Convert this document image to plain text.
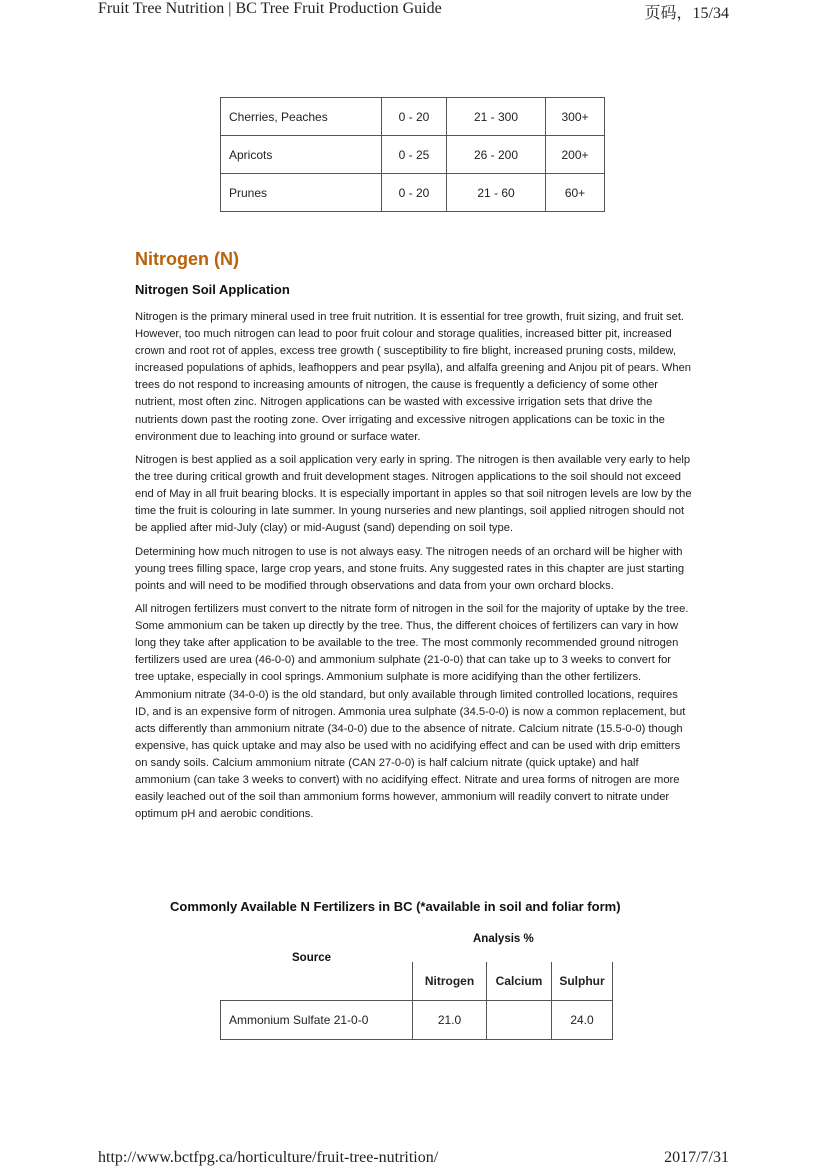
Fruit Tree Nutrition | BC Tree Fruit Production Guide	页码，15/34
Cherries, Peaches	0 - 20	21 - 300	300+
Apricots	0 - 25	26 - 200	200+
Prunes	0 - 20	21 - 60	60+
Nitrogen (N)
Nitrogen Soil Application

Nitrogen is the primary mineral used in tree fruit nutrition. It is essential for tree growth, fruit sizing, and fruit set. However, too much nitrogen can lead to poor fruit colour and storage qualities, increased bitter pit, increased crown and root rot of apples, excess tree growth ( susceptibility to fire blight, increased pruning costs, mildew, increased populations of aphids, leafhoppers and pear psylla), and alfalfa greening and Anjou pit of pears. When trees do not respond to increasing amounts of nitrogen, the cause is frequently a deficiency of some other nutrient, most often zinc. Nitrogen applications can be wasted with excessive irrigation sets that drive the nutrients down past the rooting zone. Over irrigating and excessive nitrogen applications can be toxic in the environment due to leaching into ground or surface water.

Nitrogen is best applied as a soil application very early in spring. The nitrogen is then available very early to help the tree during critical growth and fruit development stages. Nitrogen applications to the soil should not exceed end of May in all fruit bearing blocks. It is especially important in apples so that soil nitrogen levels are low by the time the fruit is colouring in late summer. In young nurseries and new plantings, soil applied nitrogen should not be applied after mid-July (clay) or mid-August (sand) depending on soil type.

Determining how much nitrogen to use is not always easy. The nitrogen needs of an orchard will be higher with young trees filling space, large crop years, and stone fruits. Any suggested rates in this chapter are just starting points and will need to be modified through observations and data from your own orchard blocks.

All nitrogen fertilizers must convert to the nitrate form of nitrogen in the soil for the majority of uptake by the tree. Some ammonium can be taken up directly by the tree. Thus, the different choices of fertilizers can vary in how long they take after application to be available to the tree. The most commonly recommended ground nitrogen fertilizers used are urea (46-0-0) and ammonium sulphate (21-0-0) that can take up to 3 weeks to convert for tree uptake, especially in cool springs. Ammonium sulphate is more acidifying than the other fertilizers. Ammonium nitrate (34-0-0) is the old standard, but only available through limited controlled locations, requires ID, and is an expensive form of nitrogen. Ammonia urea sulphate (34.5-0-0) is now a common replacement, but acts differently than ammonium nitrate (34-0-0) due to the absence of nitrate. Calcium nitrate (15.5-0-0) though expensive, has quick uptake and may also be used with no acidifying effect and can be used with drip emitters on sandy soils. Calcium ammonium nitrate (CAN 27-0-0) is half calcium nitrate (quick uptake) and half ammonium (can take 3 weeks to convert) with no acidifying effect. Nitrate and urea forms of nitrogen are more easily leached out of the soil than ammonium forms however, ammonium will readily convert to nitrate under optimum pH and aerobic conditions.

Commonly Available N Fertilizers in BC (*available in soil and foliar form)
Analysis %
Source
	Nitrogen	Calcium	Sulphur
Ammonium Sulfate 21-0-0	21.0		24.0
http://www.bctfpg.ca/horticulture/fruit-tree-nutrition/	2017/7/31
